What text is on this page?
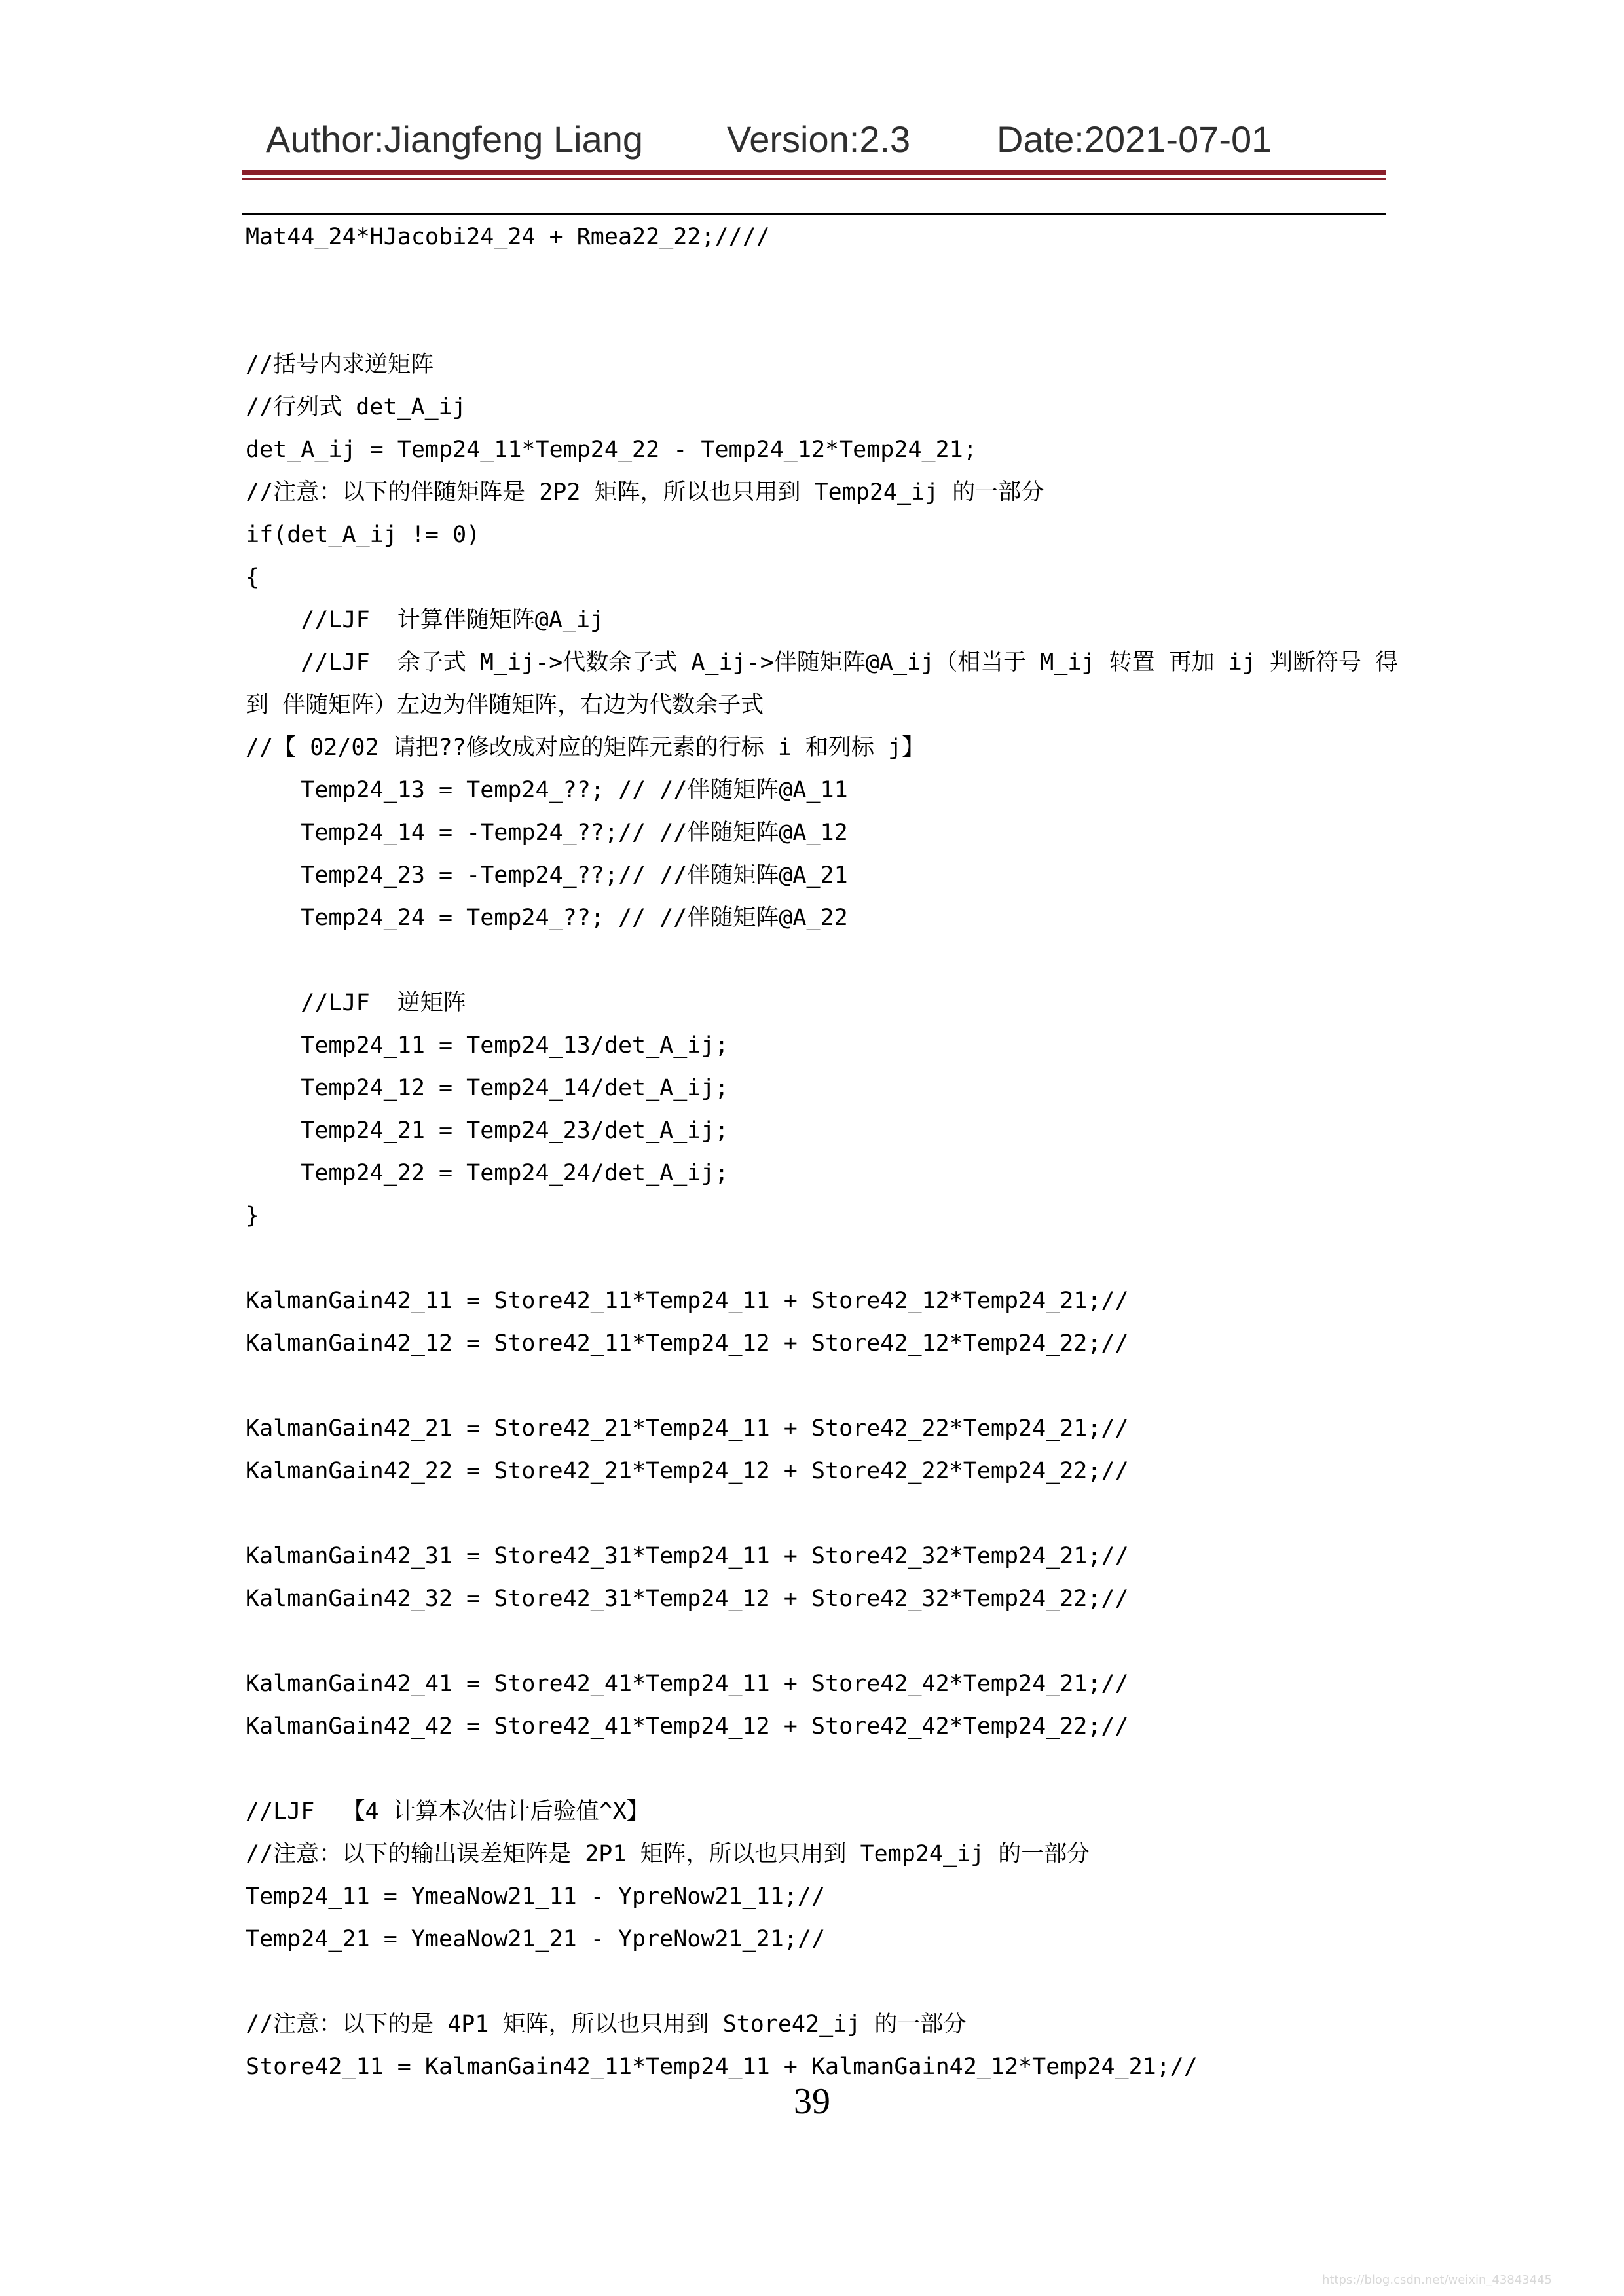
Author:Jiangfeng Liang Version:2.3 Date:2021-07-01
Mat44_24*HJacobi24_24 + Rmea22_22;////
//括号内求逆矩阵
//行列式 det_A_ij
det_A_ij = Temp24_11*Temp24_22 - Temp24_12*Temp24_21;
//注意：以下的伴随矩阵是 2P2 矩阵，所以也只用到 Temp24_ij 的一部分
if(det_A_ij != 0)
{
//LJF  计算伴随矩阵@A_ij
//LJF  余子式 M_ij->代数余子式 A_ij->伴随矩阵@A_ij（相当于 M_ij 转置 再加 ij 判断符号 得
到 伴随矩阵）左边为伴随矩阵，右边为代数余子式
//【 02/02 请把??修改成对应的矩阵元素的行标 i 和列标 j】
Temp24_13 = Temp24_??; // //伴随矩阵@A_11
Temp24_14 = -Temp24_??;// //伴随矩阵@A_12
Temp24_23 = -Temp24_??;// //伴随矩阵@A_21
Temp24_24 = Temp24_??; // //伴随矩阵@A_22
//LJF  逆矩阵
Temp24_11 = Temp24_13/det_A_ij;
Temp24_12 = Temp24_14/det_A_ij;
Temp24_21 = Temp24_23/det_A_ij;
Temp24_22 = Temp24_24/det_A_ij;
}
KalmanGain42_11 = Store42_11*Temp24_11 + Store42_12*Temp24_21;//
KalmanGain42_12 = Store42_11*Temp24_12 + Store42_12*Temp24_22;//
KalmanGain42_21 = Store42_21*Temp24_11 + Store42_22*Temp24_21;//
KalmanGain42_22 = Store42_21*Temp24_12 + Store42_22*Temp24_22;//
KalmanGain42_31 = Store42_31*Temp24_11 + Store42_32*Temp24_21;//
KalmanGain42_32 = Store42_31*Temp24_12 + Store42_32*Temp24_22;//
KalmanGain42_41 = Store42_41*Temp24_11 + Store42_42*Temp24_21;//
KalmanGain42_42 = Store42_41*Temp24_12 + Store42_42*Temp24_22;//
//LJF  【4 计算本次估计后验值^X】
//注意：以下的输出误差矩阵是 2P1 矩阵，所以也只用到 Temp24_ij 的一部分
Temp24_11 = YmeaNow21_11 - YpreNow21_11;//
Temp24_21 = YmeaNow21_21 - YpreNow21_21;//
//注意：以下的是 4P1 矩阵，所以也只用到 Store42_ij 的一部分
Store42_11 = KalmanGain42_11*Temp24_11 + KalmanGain42_12*Temp24_21;//
39
https://blog.csdn.net/weixin_43843445
